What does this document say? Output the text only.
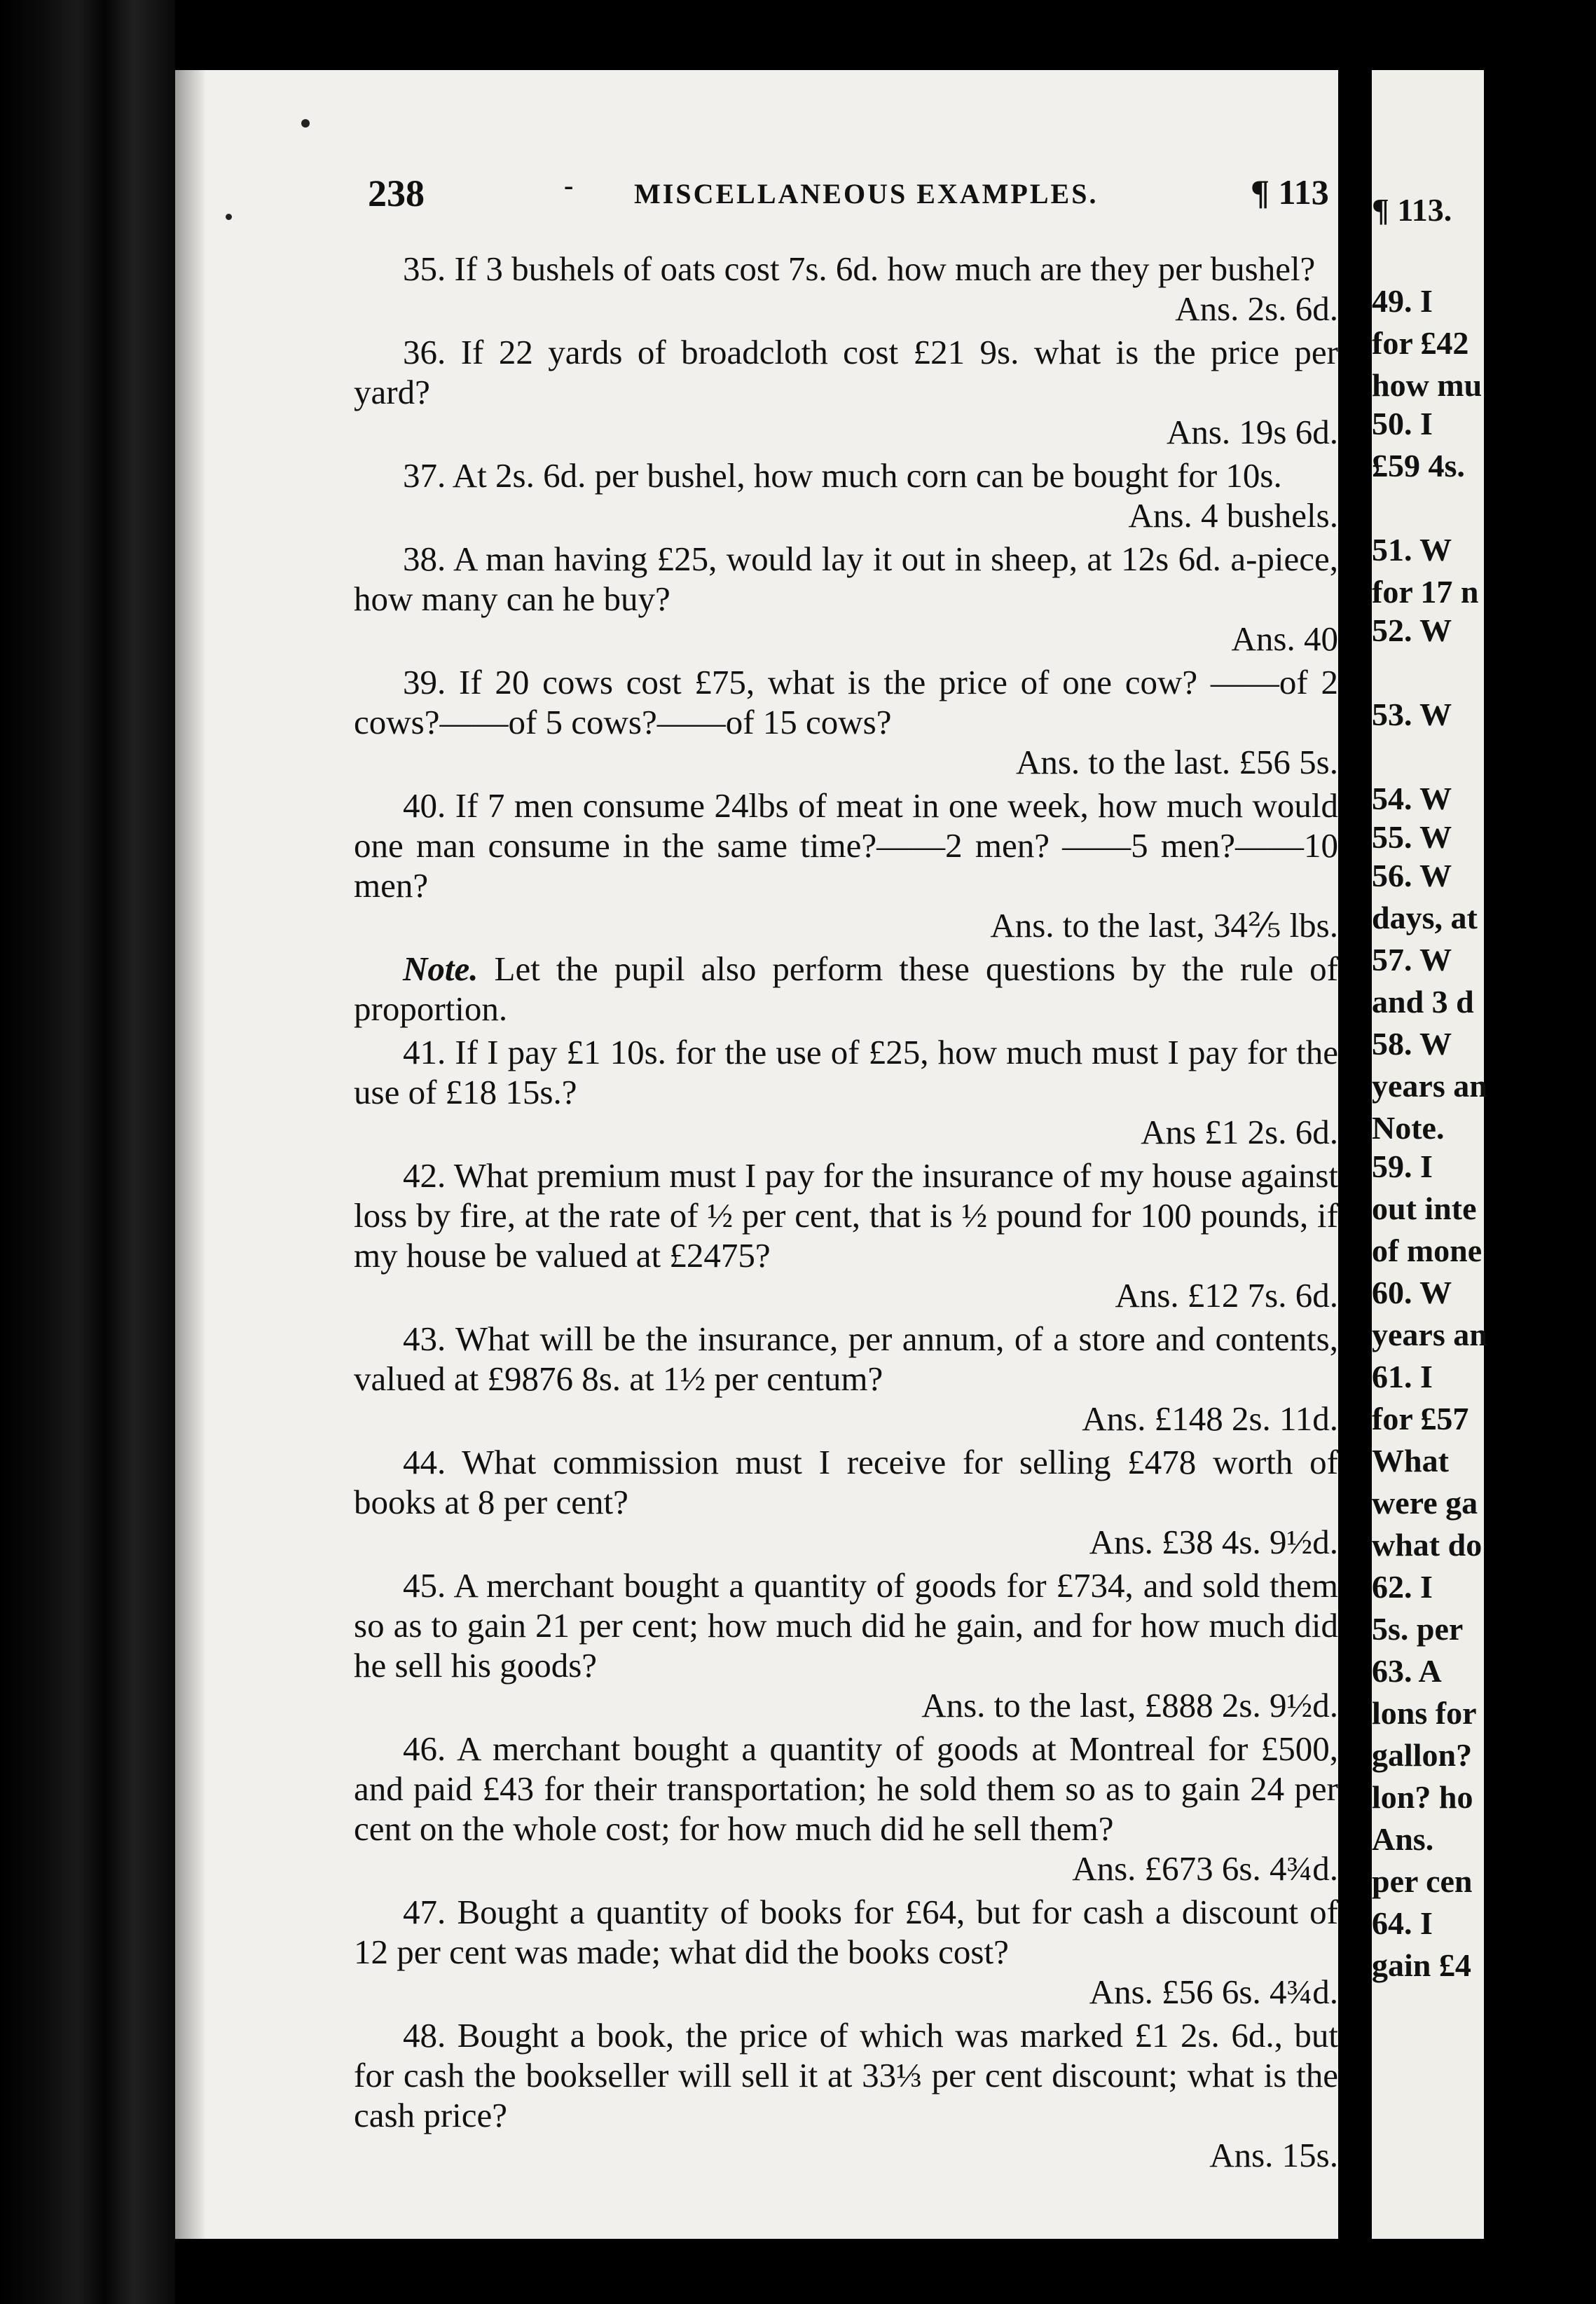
¶ 113.
49. I
for £42
how mu
50. I
£59 4s.
51. W
for 17 n
52. W
53. W
54. W
55. W
56. W
days, at
57. W
and 3 d
58. W
years an
Note.
59. I
out inte
of mone
60. W
years an
61. I
for £57
What
were ga
what do
62. I
5s. per
63. A
lons for
gallon?
lon? ho
Ans.
per cen
64. I
gain £4
238	- MISCELLANEOUS EXAMPLES.	¶ 113

35. If 3 bushels of oats cost 7s. 6d. how much are they per bushel?
Ans. 2s. 6d.

36. If 22 yards of broadcloth cost £21 9s. what is the price per yard?
Ans. 19s 6d.

37. At 2s. 6d. per bushel, how much corn can be bought for 10s.
Ans. 4 bushels.

38. A man having £25, would lay it out in sheep, at 12s 6d. a-piece, how many can he buy?
Ans. 40

39. If 20 cows cost £75, what is the price of one cow? ——of 2 cows?——of 5 cows?——of 15 cows?
Ans. to the last. £56 5s.

40. If 7 men consume 24lbs of meat in one week, how much would one man consume in the same time?——2 men? ——5 men?——10 men?
Ans. to the last, 34⅖ lbs.

Note. Let the pupil also perform these questions by the rule of proportion.

41. If I pay £1 10s. for the use of £25, how much must I pay for the use of £18 15s.?
Ans £1 2s. 6d.

42. What premium must I pay for the insurance of my house against loss by fire, at the rate of ½ per cent, that is ½ pound for 100 pounds, if my house be valued at £2475?
Ans. £12 7s. 6d.

43. What will be the insurance, per annum, of a store and contents, valued at £9876 8s. at 1½ per centum?
Ans. £148 2s. 11d.

44. What commission must I receive for selling £478 worth of books at 8 per cent?
Ans. £38 4s. 9½d.

45. A merchant bought a quantity of goods for £734, and sold them so as to gain 21 per cent; how much did he gain, and for how much did he sell his goods?
Ans. to the last, £888 2s. 9½d.

46. A merchant bought a quantity of goods at Montreal for £500, and paid £43 for their transportation; he sold them so as to gain 24 per cent on the whole cost; for how much did he sell them?
Ans. £673 6s. 4¾d.

47. Bought a quantity of books for £64, but for cash a discount of 12 per cent was made; what did the books cost?
Ans. £56 6s. 4¾d.

48. Bought a book, the price of which was marked £1 2s. 6d., but for cash the bookseller will sell it at 33⅓ per cent discount; what is the cash price?
Ans. 15s.
